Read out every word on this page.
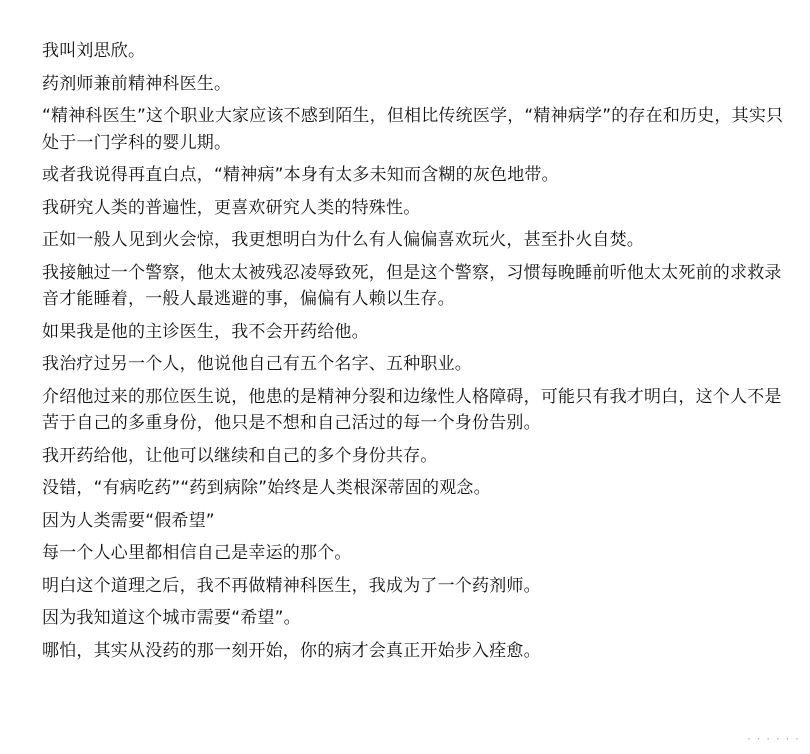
我叫刘思欣。

药剂师兼前精神科医生。

“精神科医生”这个职业大家应该不感到陌生，但相比传统医学，“精神病学”的存在和历史，其实只处于一门学科的婴儿期。

或者我说得再直白点，“精神病”本身有太多未知而含糊的灰色地带。

我研究人类的普遍性，更喜欢研究人类的特殊性。

正如一般人见到火会惊，我更想明白为什么有人偏偏喜欢玩火，甚至扑火自焚。

我接触过一个警察，他太太被残忍凌辱致死，但是这个警察，习惯每晚睡前听他太太死前的求救录音才能睡着，一般人最逃避的事，偏偏有人赖以生存。

如果我是他的主诊医生，我不会开药给他。

我治疗过另一个人，他说他自己有五个名字、五种职业。

介绍他过来的那位医生说，他患的是精神分裂和边缘性人格障碍，可能只有我才明白，这个人不是苦于自己的多重身份，他只是不想和自己活过的每一个身份告别。

我开药给他，让他可以继续和自己的多个身份共存。

没错，“有病吃药”“药到病除”始终是人类根深蒂固的观念。

因为人类需要“假希望”

每一个人心里都相信自己是幸运的那个。

明白这个道理之后，我不再做精神科医生，我成为了一个药剂师。

因为我知道这个城市需要“希望”。

哪怕，其实从没药的那一刻开始，你的病才会真正开始步入痊愈。

· · · · · ·
